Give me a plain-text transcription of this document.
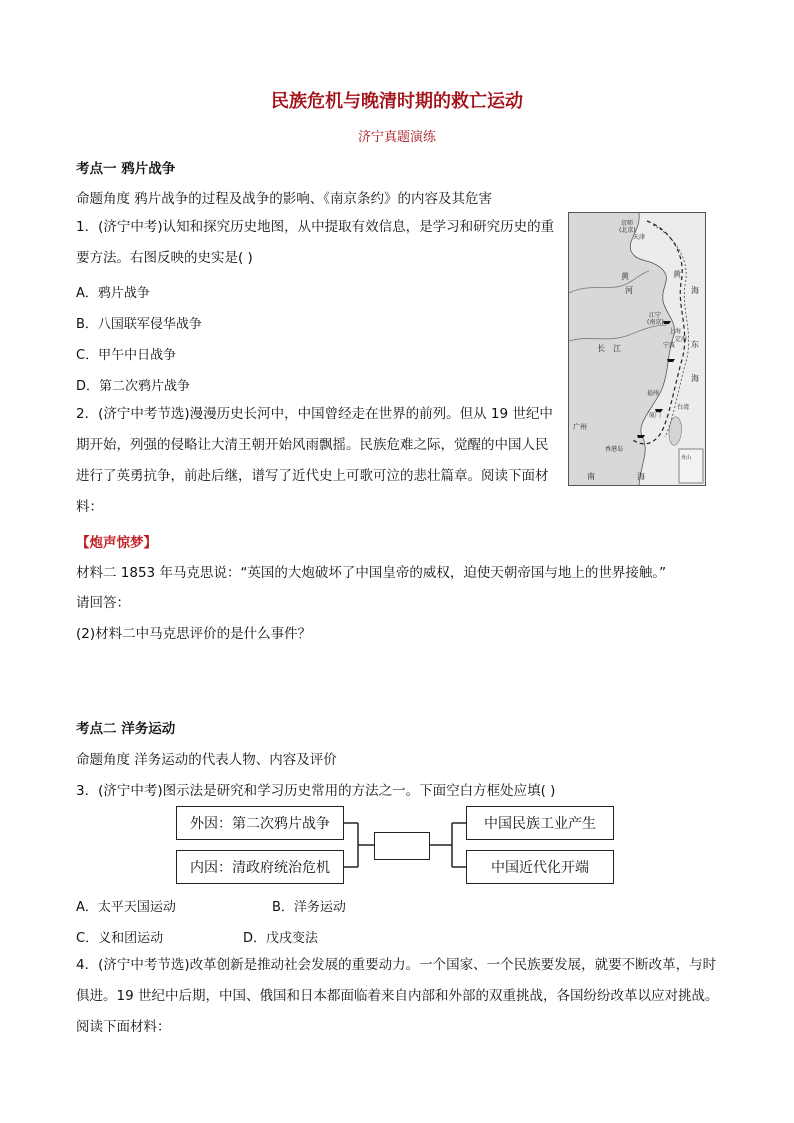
民族危机与晚清时期的救亡运动
济宁真题演练
考点一 鸦片战争
命题角度 鸦片战争的过程及战争的影响、《南京条约》的内容及其危害
1．(济宁中考)认知和探究历史地图，从中提取有效信息，是学习和研究历史的重要方法。右图反映的史实是( )
A．鸦片战争
B．八国联军侵华战争
C．甲午中日战争
D．第二次鸦片战争
京师
(北京)
天津
黄
河
黄
海
江宁
(南京)
上海
长 江	宁波
定海
东
海
福州
厦门
广州
香港岛
台湾
南	海
舟山
2．(济宁中考节选)漫漫历史长河中，中国曾经走在世界的前列。但从 19 世纪中期开始，列强的侵略让大清王朝开始风雨飘摇。民族危难之际，觉醒的中国人民进行了英勇抗争，前赴后继，谱写了近代史上可歌可泣的悲壮篇章。阅读下面材料：
【炮声惊梦】
材料二 1853 年马克思说：“英国的大炮破坏了中国皇帝的威权，迫使天朝帝国与地上的世界接触。”
请回答：
(2)材料二中马克思评价的是什么事件？
考点二 洋务运动
命题角度 洋务运动的代表人物、内容及评价
3．(济宁中考)图示法是研究和学习历史常用的方法之一。下面空白方框处应填( )
外因：第二次鸦片战争
内因：清政府统治危机
中国民族工业产生
中国近代化开端
A．太平天国运动	B．洋务运动
C．义和团运动	D．戊戌变法
4．(济宁中考节选)改革创新是推动社会发展的重要动力。一个国家、一个民族要发展，就要不断改革，与时俱进。19 世纪中后期，中国、俄国和日本都面临着来自内部和外部的双重挑战，各国纷纷改革以应对挑战。阅读下面材料：
